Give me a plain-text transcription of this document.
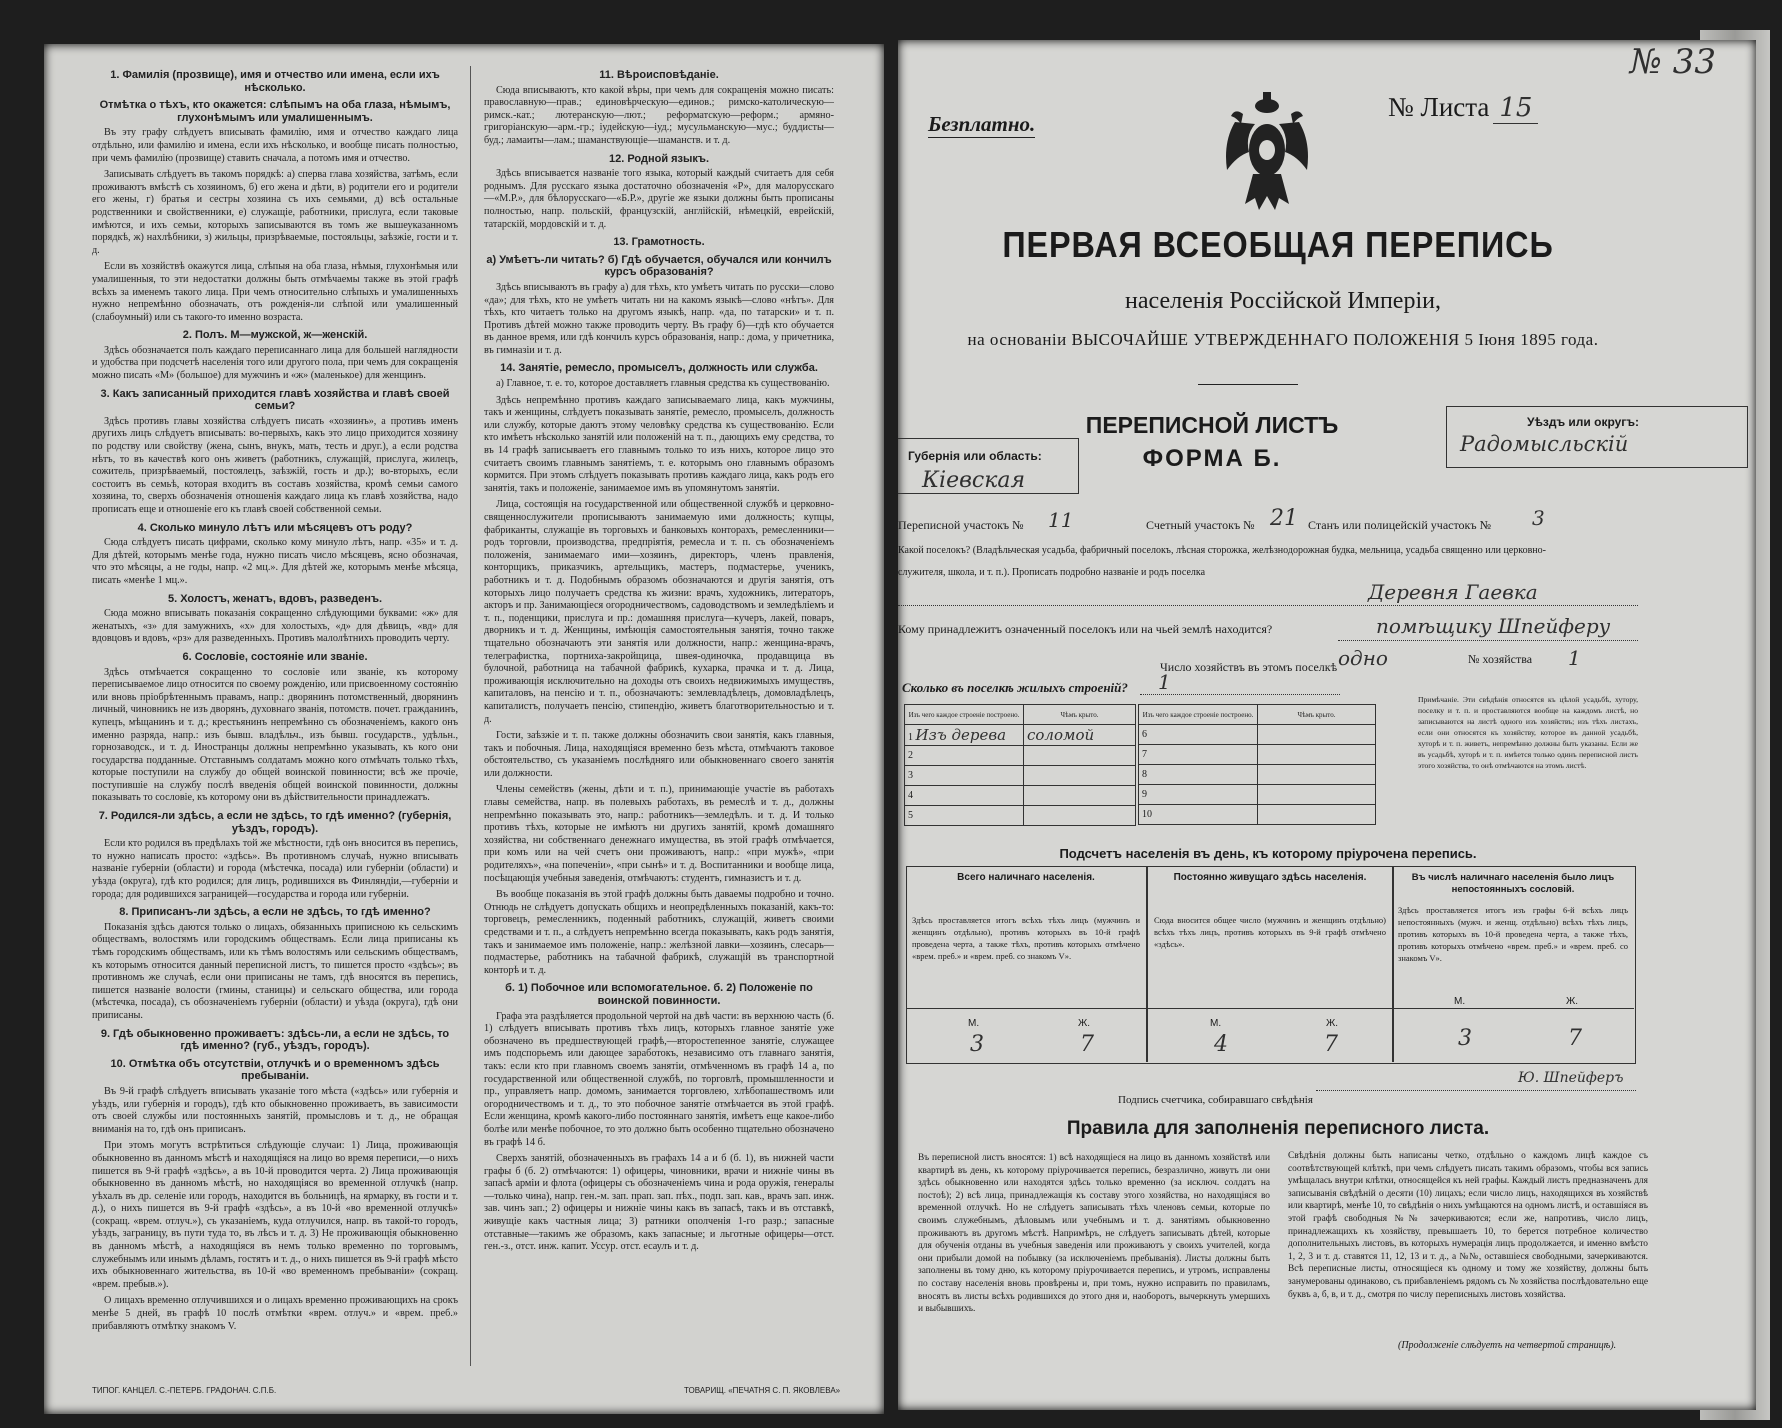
1. Фамилія (прозвище), имя и отчество или имена, если ихъ нѣсколько.
Отмѣтка о тѣхъ, кто окажется: слѣпымъ на оба глаза, нѣмымъ, глухонѣмымъ или умалишеннымъ.

Въ эту графу слѣдуетъ вписывать фамилію, имя и отчество каждаго лица отдѣльно, или фамилію и имена, если ихъ нѣсколько, и вообще писать полностью, при чемъ фамилію (прозвище) ставить сначала, а потомъ имя и отчество.

Записывать слѣдуетъ въ такомъ порядкѣ: а) сперва глава хозяйства, затѣмъ, если проживаютъ вмѣстѣ съ хозяиномъ, б) его жена и дѣти, в) родители его и родители его жены, г) братья и сестры хозяина съ ихъ семьями, д) всѣ остальные родственники и свойственники, е) служащіе, работники, прислуга, если таковые имѣются, и ихъ семьи, которыхъ записываются въ томъ же вышеуказанномъ порядкѣ, ж) нахлѣбники, з) жильцы, призрѣваемые, постояльцы, заѣзжіе, гости и т. д.

Если въ хозяйствѣ окажутся лица, слѣпыя на оба глаза, нѣмыя, глухонѣмыя или умалишенныя, то эти недостатки должны быть отмѣчаемы также въ этой графѣ всѣхъ за именемъ такого лица. При чемъ относительно слѣпыхъ и умалишенныхъ нужно непремѣнно обозначать, отъ рожденія-ли слѣпой или умалишенный (слабоумный) или съ такого-то именно возраста.

2. Полъ. М—мужской, ж—женскій.

Здѣсь обозначается полъ каждаго переписаннаго лица для большей наглядности и удобства при подсчетѣ населенія того или другого пола, при чемъ для сокращенія можно писать «М» (большое) для мужчинъ и «ж» (маленькое) для женщинъ.

3. Какъ записанный приходится главѣ хозяйства и главѣ своей семьи?

Здѣсь противъ главы хозяйства слѣдуетъ писать «хозяинъ», а противъ именъ другихъ лицъ слѣдуетъ вписывать: во-первыхъ, какъ это лицо приходится хозяину по родству или свойству (жена, сынъ, внукъ, мать, тесть и друг.), а если родства нѣтъ, то въ качествѣ кого онъ живетъ (работникъ, служащій, прислуга, жилецъ, сожитель, призрѣваемый, постоялецъ, заѣзжій, гость и др.); во-вторыхъ, если состоитъ въ семьѣ, которая входитъ въ составъ хозяйства, кромѣ семьи самого хозяина, то, сверхъ обозначенія отношенія каждаго лица къ главѣ хозяйства, надо прописать еще и отношеніе его къ главѣ своей собственной семьи.

4. Сколько минуло лѣтъ или мѣсяцевъ отъ роду?

Сюда слѣдуетъ писать цифрами, сколько кому минуло лѣтъ, напр. «35» и т. д. Для дѣтей, которымъ менѣе года, нужно писать число мѣсяцевъ, ясно обозначая, что это мѣсяцы, а не годы, напр. «2 мц.». Для дѣтей же, которымъ менѣе мѣсяца, писать «менѣе 1 мц.».

5. Холостъ, женатъ, вдовъ, разведенъ.

Сюда можно вписывать показанія сокращенно слѣдующими буквами: «ж» для женатыхъ, «з» для замужнихъ, «х» для холостыхъ, «д» для дѣвицъ, «вд» для вдовцовъ и вдовъ, «рз» для разведенныхъ. Противъ малолѣтнихъ проводить черту.

6. Сословіе, состояніе или званіе.

Здѣсь отмѣчается сокращенно то сословіе или званіе, къ которому переписываемое лицо относится по своему рожденію, или присвоенному состоянію или вновь пріобрѣтеннымъ правамъ, напр.: дворянинъ потомственный, дворянинъ личный, чиновникъ не изъ дворянъ, духовнаго званія, потомств. почет. гражданинъ, купецъ, мѣщанинъ и т. д.; крестьянинъ непремѣнно съ обозначеніемъ, какого онъ именно разряда, напр.: изъ бывш. владѣльч., изъ бывш. государств., удѣльн., горнозаводск., и т. д. Иностранцы должны непремѣнно указывать, къ кого они государства подданные. Отставнымъ солдатамъ можно кого отмѣчать только тѣхъ, которые поступили на службу до общей воинской повинности; всѣ же прочіе, поступившіе на службу послѣ введенія общей воинской повинности, должны показывать то сословіе, къ которому они въ дѣйствительности принадлежатъ.

7. Родился-ли здѣсь, а если не здѣсь, то гдѣ именно? (губернія, уѣздъ, городъ).

Если кто родился въ предѣлахъ той же мѣстности, гдѣ онъ вносится въ перепись, то нужно написать просто: «здѣсь». Въ противномъ случаѣ, нужно вписывать названіе губерніи (области) и города (мѣстечка, посада) или губерніи (области) и уѣзда (округа), гдѣ кто родился; для лицъ, родившихся въ Финляндіи,—губерніи и города; для родившихся заграницей—государства и города или губерніи.

8. Приписанъ-ли здѣсь, а если не здѣсь, то гдѣ именно?

Показанія здѣсь даются только о лицахъ, обязанныхъ приписною къ сельскимъ обществамъ, волостямъ или городскимъ обществамъ. Если лица приписаны къ тѣмъ городскимъ обществамъ, или къ тѣмъ волостямъ или сельскимъ обществамъ, къ которымъ относится данный переписной листъ, то пишется просто «здѣсь»; въ противномъ же случаѣ, если они приписаны не тамъ, гдѣ вносятся въ перепись, пишется названіе волости (гмины, станицы) и сельскаго общества, или города (мѣстечка, посада), съ обозначеніемъ губерніи (области) и уѣзда (округа), гдѣ они приписаны.

9. Гдѣ обыкновенно проживаетъ: здѣсь-ли, а если не здѣсь, то гдѣ именно? (губ., уѣздъ, городъ).
10. Отмѣтка объ отсутствіи, отлучкѣ и о временномъ здѣсь пребываніи.

Въ 9-й графѣ слѣдуетъ вписывать указаніе того мѣста («здѣсь» или губернія и уѣздъ, или губернія и городъ), гдѣ кто обыкновенно проживаетъ, въ зависимости отъ своей службы или постоянныхъ занятій, промысловъ и т. д., не обращая вниманія на то, гдѣ онъ приписанъ.

При этомъ могутъ встрѣтиться слѣдующіе случаи: 1) Лица, проживающія обыкновенно въ данномъ мѣстѣ и находящіяся на лицо во время переписи,—о нихъ пишется въ 9-й графѣ «здѣсь», а въ 10-й проводится черта. 2) Лица проживающія обыкновенно въ данномъ мѣстѣ, но находящіяся во временной отлучкѣ (напр. уѣхалъ въ др. селеніе или городъ, находится въ больницѣ, на ярмарку, въ гости и т. д.), о нихъ пишется въ 9-й графѣ «здѣсь», а въ 10-й «во временной отлучкѣ» (сокращ. «врем. отлуч.»), съ указаніемъ, куда отлучился, напр. въ такой-то городъ, уѣздъ, заграницу, въ пути туда то, въ лѣсъ и т. д. 3) Не проживающія обыкновенно въ данномъ мѣстѣ, а находящіяся въ немъ только временно по торговымъ, служебнымъ или инымъ дѣламъ, гостятъ и т. д., о нихъ пишется въ 9-й графѣ мѣсто ихъ обыкновеннаго жительства, въ 10-й «во временномъ пребываніи» (сокращ. «врем. пребыв.»).

О лицахъ временно отлучившихся и о лицахъ временно проживающихъ на срокъ менѣе 5 дней, въ графѣ 10 послѣ отмѣтки «врем. отлуч.» и «врем. преб.» прибавляютъ отмѣтку знакомъ V.

11. Вѣроисповѣданіе.

Сюда вписываютъ, кто какой вѣры, при чемъ для сокращенія можно писать: православную—прав.; единовѣрческую—единов.; римско-католическую—римск.-кат.; лютеранскую—лют.; реформатскую—реформ.; армяно-григоріанскую—арм.-гр.; іудейскую—іуд.; мусульманскую—мус.; буддисты—буд.; ламаиты—лам.; шаманствующіе—шаманств. и т. д.

12. Родной языкъ.

Здѣсь вписывается названіе того языка, который каждый считаетъ для себя роднымъ. Для русскаго языка достаточно обозначенія «Р», для малорусскаго—«М.Р.», для бѣлорусскаго—«Б.Р.», другіе же языки должны быть прописаны полностью, напр. польскій, французскій, англійскій, нѣмецкій, еврейскій, татарскій, мордовскій и т. д.

13. Грамотность.
а) Умѣетъ-ли читать? б) Гдѣ обучается, обучался или кончилъ курсъ образованія?

Здѣсь вписываютъ въ графу а) для тѣхъ, кто умѣетъ читать по русски—слово «да»; для тѣхъ, кто не умѣетъ читать ни на какомъ языкѣ—слово «нѣтъ». Для тѣхъ, кто читаетъ только на другомъ языкѣ, напр. «да, по татарски» и т. п. Противъ дѣтей можно также проводить черту. Въ графу б)—гдѣ кто обучается въ данное время, или гдѣ кончилъ курсъ образованія, напр.: дома, у причетника, въ гимназіи и т. д.

14. Занятіе, ремесло, промыселъ, должность или служба.

а) Главное, т. е. то, которое доставляетъ главныя средства къ существованію.

Здѣсь непремѣнно противъ каждаго записываемаго лица, какъ мужчины, такъ и женщины, слѣдуетъ показывать занятіе, ремесло, промыселъ, должность или службу, которые даютъ этому человѣку средства къ существованію. Если кто имѣетъ нѣсколько занятій или положеній на т. п., дающихъ ему средства, то въ 14 графѣ записываетъ его главнымъ только то изъ нихъ, которое лицо это считаетъ своимъ главнымъ занятіемъ, т. е. которымъ оно главнымъ образомъ кормится. При этомъ слѣдуетъ показывать противъ каждаго лица, какъ родъ его занятія, такъ и положеніе, занимаемое имъ въ упомянутомъ занятіи.

Лица, состоящія на государственной или общественной службѣ и церковно-священнослужители прописываютъ занимаемую ими должность; купцы, фабриканты, служащіе въ торговыхъ и банковыхъ конторахъ, ремесленники—родъ торговли, производства, предпріятія, ремесла и т. п. съ обозначеніемъ положенія, занимаемаго ими—хозяинъ, директоръ, членъ правленія, конторщикъ, приказчикъ, артельщикъ, мастеръ, подмастерье, ученикъ, работникъ и т. д. Подобнымъ образомъ обозначаются и другія занятія, отъ которыхъ лицо получаетъ средства къ жизни: врачъ, художникъ, литераторъ, акторъ и пр. Занимающіеся огородничествомъ, садоводствомъ и земледѣліемъ и т. п., поденщики, прислуга и пр.: домашняя прислуга—кучеръ, лакей, поваръ, дворникъ и т. д. Женщины, имѣющія самостоятельныя занятія, точно также тщательно обозначаютъ эти занятія или должности, напр.: женщина-врачъ, телеграфистка, портниха-закройщица, швея-одиночка, продавщица въ булочной, работница на табачной фабрикѣ, кухарка, прачка и т. д. Лица, проживающія исключительно на доходы отъ своихъ недвижимыхъ имуществъ, капиталовъ, на пенсію и т. п., обозначаютъ: землевладѣлецъ, домовладѣлецъ, капиталистъ, получаетъ пенсію, стипендію, живетъ благотворительностью и т. д.

Гости, заѣзжіе и т. п. также должны обозначить свои занятія, какъ главныя, такъ и побочныя. Лица, находящіяся временно безъ мѣста, отмѣчаютъ таковое обстоятельство, съ указаніемъ послѣдняго или обыкновеннаго своего занятія или должности.

Члены семействъ (жены, дѣти и т. п.), принимающіе участіе въ работахъ главы семейства, напр. въ полевыхъ работахъ, въ ремеслѣ и т. д., должны непремѣнно показывать это, напр.: работникъ—земледѣлъ. и т. д. И только противъ тѣхъ, которые не имѣютъ ни другихъ занятій, кромѣ домашняго хозяйства, ни собственнаго денежнаго имущества, въ этой графѣ отмѣчается, при комъ или на чей счетъ они проживаютъ, напр.: «при мужѣ», «при родителяхъ», «на попеченіи», «при сынѣ» и т. д. Воспитанники и вообще лица, посѣщающія учебныя заведенія, отмѣчаютъ: студентъ, гимназистъ и т. д.

Въ вообще показанія въ этой графѣ должны быть даваемы подробно и точно. Отнюдь не слѣдуетъ допускать общихъ и неопредѣленныхъ показаній, какъ-то: торговецъ, ремесленникъ, поденный работникъ, служащій, живетъ своими средствами и т. п., а слѣдуетъ непремѣнно всегда показывать, какъ родъ занятія, такъ и занимаемое имъ положеніе, напр.: желѣзной лавки—хозяинъ, слесарь—подмастерье, работникъ на табачной фабрикѣ, служащій въ транспортной конторѣ и т. д.

б. 1) Побочное или вспомогательное. б. 2) Положеніе по воинской повинности.

Графа эта раздѣляется продольной чертой на двѣ части: въ верхнюю часть (б. 1) слѣдуетъ вписывать противъ тѣхъ лицъ, которыхъ главное занятіе уже обозначено въ предшествующей графѣ,—второстепенное занятіе, служащее имъ подспорьемъ или дающее заработокъ, независимо отъ главнаго занятія, такъ: если кто при главномъ своемъ занятіи, отмѣченномъ въ графѣ 14 а, по государственной или общественной службѣ, по торговлѣ, промышленности и пр., управляетъ напр. домомъ, занимается торговлею, хлѣбопашествомъ или огородничествомъ и т. д., то это побочное занятіе отмѣчается въ этой графѣ. Если женщина, кромѣ какого-либо постояннаго занятія, имѣетъ еще какое-либо болѣе или менѣе побочное, то это должно быть особенно тщательно обозначено въ графѣ 14 б.

Сверхъ занятій, обозначенныхъ въ графахъ 14 а и б (б. 1), въ нижней части графы б (б. 2) отмѣчаются: 1) офицеры, чиновники, врачи и нижніе чины въ запасѣ арміи и флота (офицеры съ обозначеніемъ чина и рода оружія, генералы—только чина), напр. ген.-м. зап. прап. зап. пѣх., подп. зап. кав., врачъ зап. инж. зав. чинъ зап.; 2) офицеры и нижніе чины какъ въ запасѣ, такъ и въ отставкѣ, живущіе какъ частныя лица; 3) ратники ополченія 1-го разр.; запасные отставные—такимъ же образомъ, какъ запасные; и льготные офицеры—отст. ген.-з., отст. инж. капит. Уссур. отст. есаулъ и т. д.

ТИПОГ. КАНЦЕЛ. С.-ПЕТЕРБ. ГРАДОНАЧ. С.П.Б.	ТОВАРИЩ. «ПЕЧАТНЯ С. П. ЯКОВЛЕВА»
№ 33
Безплатно.
№ Листа 15
ПЕРВАЯ ВСЕОБЩАЯ ПЕРЕПИСЬ
населенія Россійской Имперіи,
на основаніи ВЫСОЧАЙШЕ УТВЕРЖДЕННАГО ПОЛОЖЕНІЯ 5 Іюня 1895 года.
Губернія или область:
Кіевская
ПЕРЕПИСНОЙ ЛИСТЪ
ФОРМА Б.
Уѣздъ или округъ:
Радомысльскій
Переписной участокъ № 11	Счетный участокъ № 21 Станъ или полицейскій участокъ № 3
Какой поселокъ? (Владѣльческая усадьба, фабричный поселокъ, лѣсная сторожка, желѣзнодорожная будка, мельница, усадьба священно или церковно-служителя, школа, и т. п.). Прописать подробно названіе и родъ поселка
Деревня Гаевка
Кому принадлежитъ означенный поселокъ или на чьей землѣ находится?	помѣщику Шпейферу
Число хозяйствъ въ этомъ поселкѣ одно	№ хозяйства 1
Сколько въ поселкѣ жилыхъ строеній? 1
Изъ чего каждое строеніе построено.	Чѣмъ крыто.
1 Изъ дерева	соломой
2	
3	
4	
5	
Изъ чего каждое строеніе построено.	Чѣмъ крыто.
6	
7	
8	
9	
10	
Примѣчаніе. Эти свѣдѣнія относятся къ цѣлой усадьбѣ, хутору, поселку и т. п. и проставляются вообще на каждомъ листѣ, но записываются на листѣ одного изъ хозяйствъ; изъ тѣхъ листахъ, если они относятся къ хозяйству, которое въ данной усадьбѣ, хуторѣ и т. п. живетъ, непремѣнно должны быть указаны. Если же въ усадьбѣ, хуторѣ и т. п. имѣется только одинъ переписной листъ этого хозяйства, то онѣ отмѣчаются на этомъ листѣ.
Подсчетъ населенія въ день, къ которому пріурочена перепись.
Всего наличнаго населенія.
Здѣсь проставляется итогъ всѣхъ тѣхъ лицъ (мужчинъ и женщинъ отдѣльно), противъ которыхъ въ 10-й графѣ проведена черта, а также тѣхъ, противъ которыхъ отмѣчено «врем. преб.» и «врем. преб. со знакомъ V».
Постоянно живущаго здѣсь населенія.
Сюда вносится общее число (мужчинъ и женщинъ отдѣльно) всѣхъ тѣхъ лицъ, противъ которыхъ въ 9-й графѣ отмѣчено «здѣсь».
Въ числѣ наличнаго населенія было лицъ непостоянныхъ сословій.
Здѣсь проставляется итогъ изъ графы 6-й всѣхъ лицъ непостоянныхъ (мужч. и женщ. отдѣльно) всѣхъ тѣхъ лицъ, противъ которыхъ въ 10-й проведена черта, а также тѣхъ, противъ которыхъ отмѣчено «врем. преб.» и «врем. преб. со знакомъ V».
М.	Ж.
3	7
М.	Ж.
4	7
М.	Ж.
3	7
Ю. Шпейферъ
Подпись счетчика, собиравшаго свѣдѣнія
Правила для заполненія переписного листа.
Въ переписной листъ вносятся: 1) всѣ находящіеся на лицо въ данномъ хозяйствѣ или квартирѣ въ день, къ которому пріурочивается перепись, безразлично, живутъ ли они здѣсь обыкновенно или находятся здѣсь только временно (за исключ. солдатъ на постоѣ); 2) всѣ лица, принадлежащія къ составу этого хозяйства, но находящіяся во временной отлучкѣ. Но не слѣдуетъ записывать тѣхъ членовъ семьи, которые по своимъ служебнымъ, дѣловымъ или учебнымъ и т. д. занятіямъ обыкновенно проживаютъ въ другомъ мѣстѣ. Напримѣръ, не слѣдуетъ записывать дѣтей, которые для обученія отданы въ учебныя заведенія или проживаютъ у своихъ учителей, когда они прибыли домой на побывку (за исключеніемъ пребыванія). Листы должны быть заполнены въ тому дню, къ которому пріурочивается перепись, и утромъ, исправлены по составу населенія вновь провѣрены и, при томъ, нужно исправить по правиламъ, вносятъ въ листы всѣхъ родившихся до этого дня и, наоборотъ, вычеркнуть умершихъ и выбывшихъ.
Свѣдѣнія должны быть написаны четко, отдѣльно о каждомъ лицѣ каждое съ соотвѣтствующей клѣткѣ, при чемъ слѣдуетъ писать такимъ образомъ, чтобы вся запись умѣщалась внутри клѣтки, относящейся къ ней графы. Каждый листъ предназначенъ для записыванія свѣдѣній о десяти (10) лицахъ; если число лицъ, находящихся въ хозяйствѣ или квартирѣ, менѣе 10, то свѣдѣнія о нихъ умѣщаются на одномъ листѣ, и оставшіяся въ этой графѣ свободныя №№ зачеркиваются; если же, напротивъ, число лицъ, принадлежащихъ къ хозяйству, превышаетъ 10, то берется потребное количество дополнительныхъ листовъ, въ которыхъ нумерація лицъ продолжается, и именно вмѣсто 1, 2, 3 и т. д. ставятся 11, 12, 13 и т. д., а №№, оставшіеся свободными, зачеркиваются. Всѣ переписные листы, относящіеся къ одному и тому же хозяйству, должны быть занумерованы одинаково, съ прибавленіемъ рядомъ съ № хозяйства послѣдовательно еще буквъ а, б, в, и т. д., смотря по числу переписныхъ листовъ хозяйства.
(Продолженіе слѣдуетъ на четвертой страницѣ).
